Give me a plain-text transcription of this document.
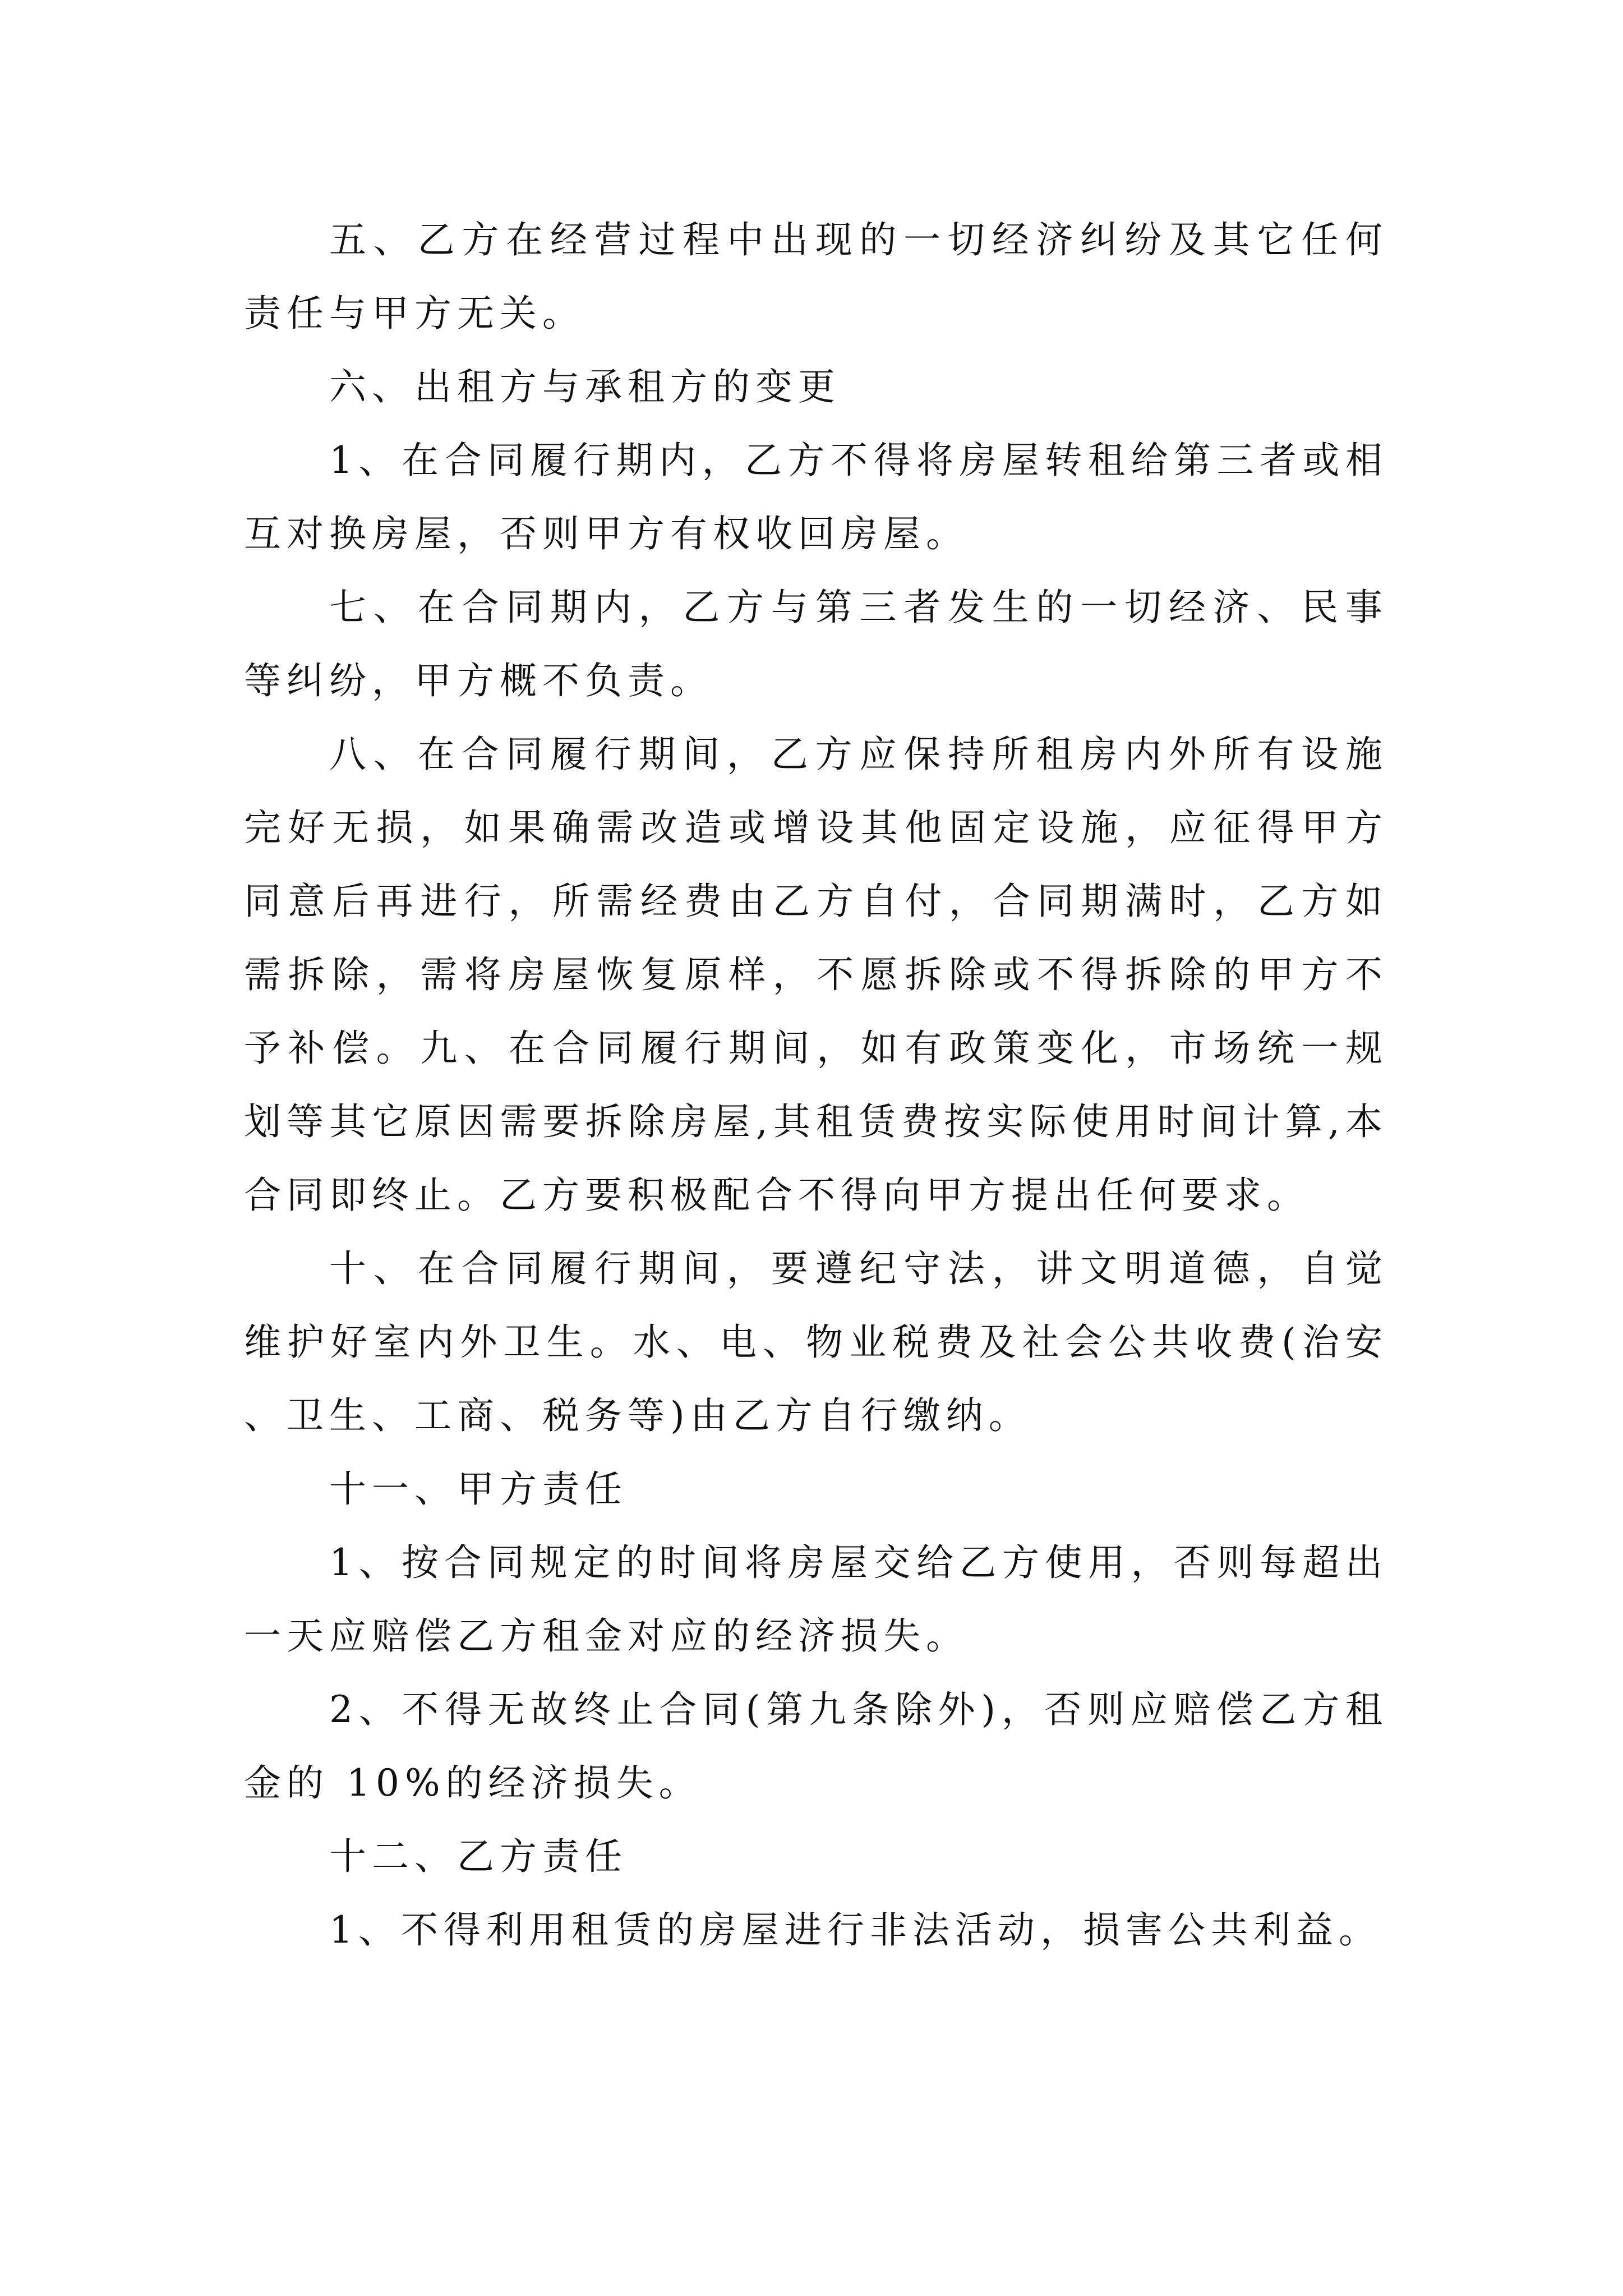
五、乙方在经营过程中出现的一切经济纠纷及其它任何责任与甲方无关。

六、出租方与承租方的变更

1、在合同履行期内，乙方不得将房屋转租给第三者或相互对换房屋，否则甲方有权收回房屋。

七、在合同期内，乙方与第三者发生的一切经济、民事等纠纷，甲方概不负责。

八、在合同履行期间，乙方应保持所租房内外所有设施完好无损，如果确需改造或增设其他固定设施，应征得甲方同意后再进行，所需经费由乙方自付，合同期满时，乙方如需拆除，需将房屋恢复原样，不愿拆除或不得拆除的甲方不予补偿。九、在合同履行期间，如有政策变化，市场统一规划等其它原因需要拆除房屋,其租赁费按实际使用时间计算,本合同即终止。乙方要积极配合不得向甲方提出任何要求。

十、在合同履行期间，要遵纪守法，讲文明道德，自觉维护好室内外卫生。水、电、物业税费及社会公共收费(治安、卫生、工商、税务等)由乙方自行缴纳。

十一、甲方责任

1、按合同规定的时间将房屋交给乙方使用，否则每超出一天应赔偿乙方租金对应的经济损失。

2、不得无故终止合同(第九条除外)，否则应赔偿乙方租金的 10%的经济损失。

十二、乙方责任

1、不得利用租赁的房屋进行非法活动，损害公共利益。
